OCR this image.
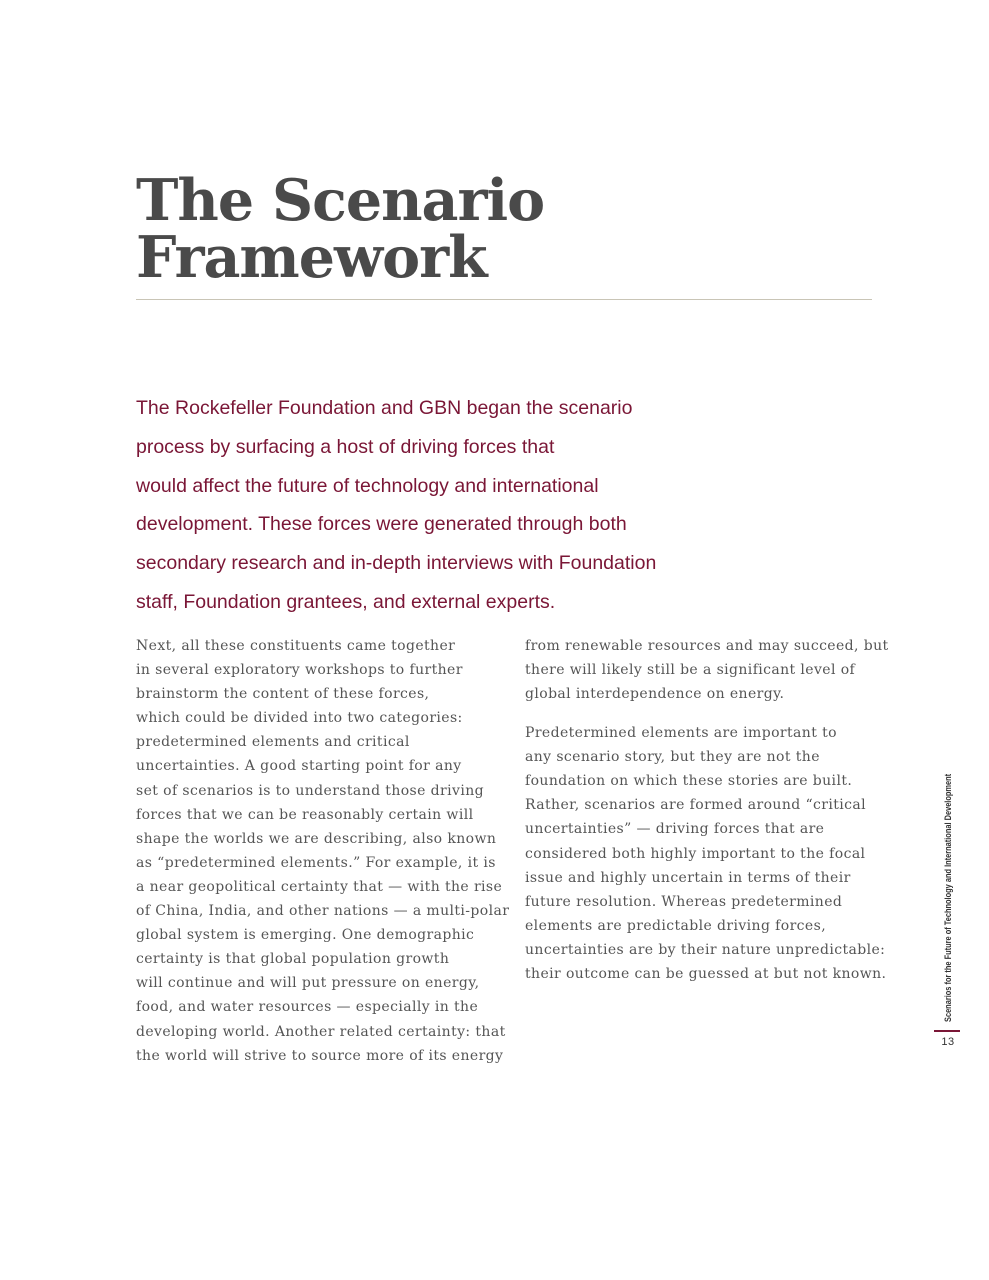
The Scenario
Framework

The Rockefeller Foundation and GBN began the scenario
process by surfacing a host of driving forces that
would affect the future of technology and international
development. These forces were generated through both
secondary research and in-depth interviews with Foundation
staff, Foundation grantees, and external experts.

Next, all these constituents came together
in several exploratory workshops to further
brainstorm the content of these forces,
which could be divided into two categories:
predetermined elements and critical
uncertainties. A good starting point for any
set of scenarios is to understand those driving
forces that we can be reasonably certain will
shape the worlds we are describing, also known
as “predetermined elements.” For example, it is
a near geopolitical certainty that — with the rise
of China, India, and other nations — a multi-polar
global system is emerging. One demographic
certainty is that global population growth
will continue and will put pressure on energy,
food, and water resources — especially in the
developing world. Another related certainty: that
the world will strive to source more of its energy

from renewable resources and may succeed, but
there will likely still be a significant level of
global interdependence on energy.

Predetermined elements are important to
any scenario story, but they are not the
foundation on which these stories are built.
Rather, scenarios are formed around “critical
uncertainties” — driving forces that are
considered both highly important to the focal
issue and highly uncertain in terms of their
future resolution. Whereas predetermined
elements are predictable driving forces,
uncertainties are by their nature unpredictable:
their outcome can be guessed at but not known.	Scenarios for the Future of Technology and International Development
13
